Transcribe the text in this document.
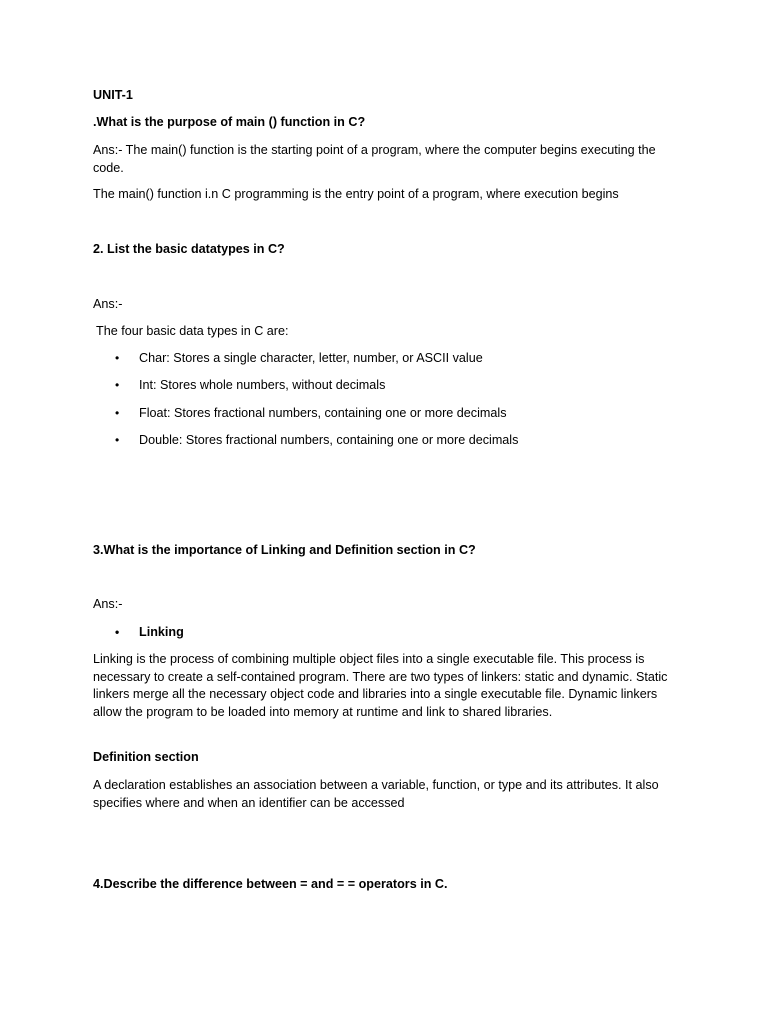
UNIT-1

.What is the purpose of main () function in C?

Ans:- The main() function is the starting point of a program, where the computer begins executing the code.

The main() function i.n C programming is the entry point of a program, where execution begins

2. List the basic datatypes in C?

Ans:-

The four basic data types in C are:

• Char: Stores a single character, letter, number, or ASCII value

• Int: Stores whole numbers, without decimals

• Float: Stores fractional numbers, containing one or more decimals

• Double: Stores fractional numbers, containing one or more decimals

3.What is the importance of Linking and Definition section in C?

Ans:-

• Linking

Linking is the process of combining multiple object files into a single executable file. This process is necessary to create a self-contained program. There are two types of linkers: static and dynamic. Static linkers merge all the necessary object code and libraries into a single executable file. Dynamic linkers allow the program to be loaded into memory at runtime and link to shared libraries.

Definition section

A declaration establishes an association between a variable, function, or type and its attributes. It also specifies where and when an identifier can be accessed

4.Describe the difference between = and = = operators in C.
